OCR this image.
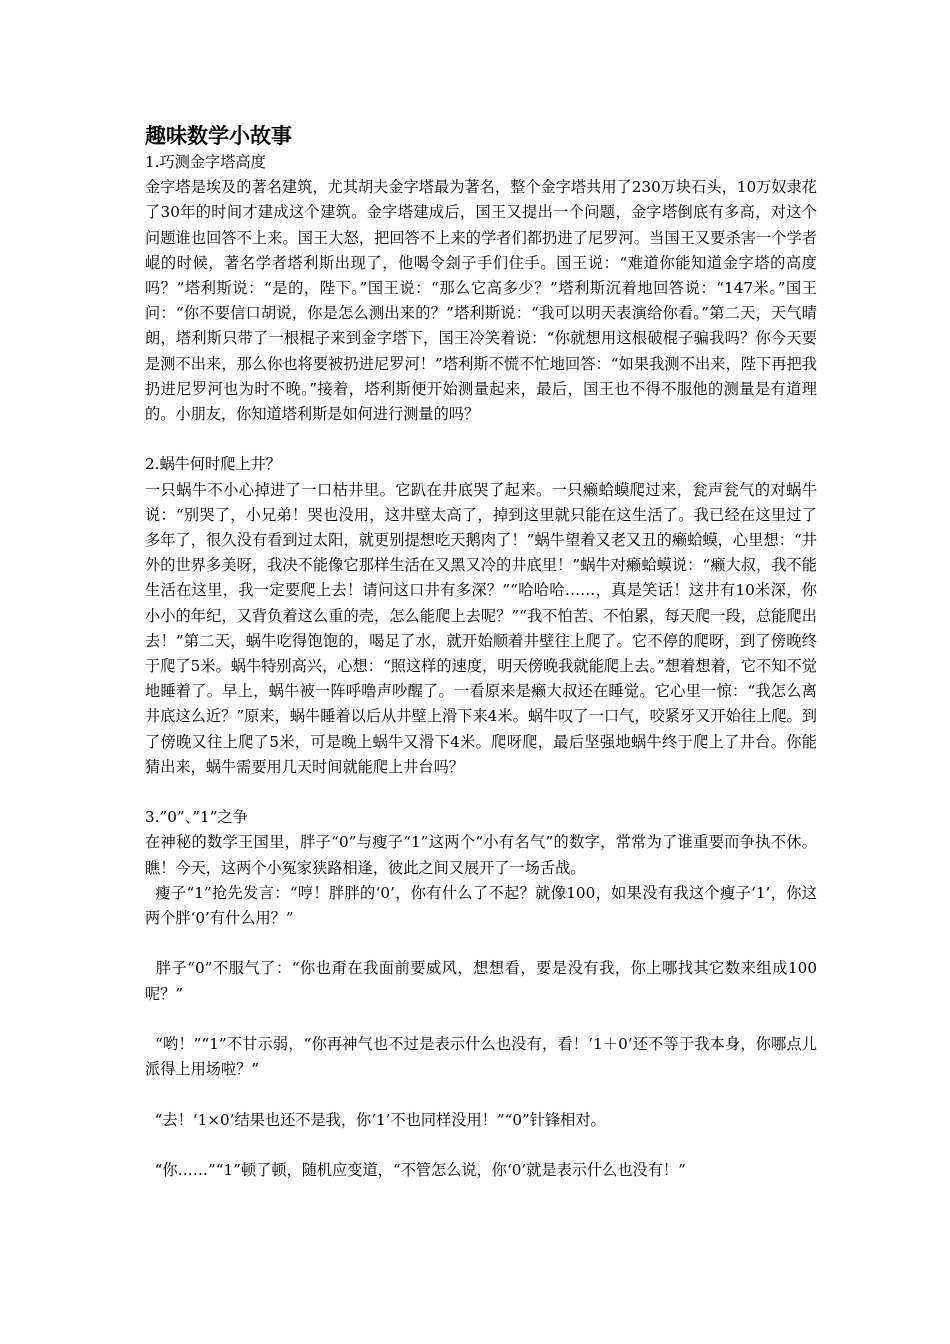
趣味数学小故事

1.巧测金字塔高度

金字塔是埃及的著名建筑，尤其胡夫金字塔最为著名，整个金字塔共用了230万块石头，10万奴隶花了30年的时间才建成这个建筑。金字塔建成后，国王又提出一个问题，金字塔倒底有多高，对这个问题谁也回答不上来。国王大怒，把回答不上来的学者们都扔进了尼罗河。当国王又要杀害一个学者崐的时候，著名学者塔利斯出现了，他喝令刽子手们住手。国王说：“难道你能知道金字塔的高度吗？”塔利斯说：“是的，陛下。”国王说：“那么它高多少？”塔利斯沉着地回答说：“147米。”国王问：“你不要信口胡说，你是怎么测出来的？”塔利斯说：“我可以明天表演给你看。”第二天，天气晴朗，塔利斯只带了一根棍子来到金字塔下，国王冷笑着说：“你就想用这根破棍子骗我吗？你今天要是测不出来，那么你也将要被扔进尼罗河！”塔利斯不慌不忙地回答：“如果我测不出来，陛下再把我扔进尼罗河也为时不晚。”接着，塔利斯便开始测量起来，最后，国王也不得不服他的测量是有道理的。小朋友，你知道塔利斯是如何进行测量的吗？

2.蜗牛何时爬上井？

一只蜗牛不小心掉进了一口枯井里。它趴在井底哭了起来。一只癞蛤蟆爬过来，瓮声瓮气的对蜗牛说：“别哭了，小兄弟！哭也没用，这井壁太高了，掉到这里就只能在这生活了。我已经在这里过了多年了，很久没有看到过太阳，就更别提想吃天鹅肉了！”蜗牛望着又老又丑的癞蛤蟆，心里想：“井外的世界多美呀，我决不能像它那样生活在又黑又冷的井底里！”蜗牛对癞蛤蟆说：“癞大叔，我不能生活在这里，我一定要爬上去！请问这口井有多深？”“哈哈哈……，真是笑话！这井有10米深，你小小的年纪，又背负着这么重的壳，怎么能爬上去呢？”“我不怕苦、不怕累，每天爬一段，总能爬出去！”第二天，蜗牛吃得饱饱的，喝足了水，就开始顺着井壁往上爬了。它不停的爬呀，到了傍晚终于爬了5米。蜗牛特别高兴，心想：“照这样的速度，明天傍晚我就能爬上去。”想着想着，它不知不觉地睡着了。早上，蜗牛被一阵呼噜声吵醒了。一看原来是癞大叔还在睡觉。它心里一惊：“我怎么离井底这么近？”原来，蜗牛睡着以后从井壁上滑下来4米。蜗牛叹了一口气，咬紧牙又开始往上爬。到了傍晚又往上爬了5米，可是晚上蜗牛又滑下4米。爬呀爬，最后坚强地蜗牛终于爬上了井台。你能猜出来，蜗牛需要用几天时间就能爬上井台吗？

3.”0”、”1”之争

在神秘的数学王国里，胖子“0”与瘦子“1”这两个“小有名气”的数字，常常为了谁重要而争执不休。瞧！今天，这两个小冤家狭路相逢，彼此之间又展开了一场舌战。

瘦子“1”抢先发言：“哼！胖胖的‘0’，你有什么了不起？就像100，如果没有我这个瘦子‘1’，你这两个胖‘0’有什么用？”

胖子“0”不服气了：“你也甭在我面前要威风，想想看，要是没有我，你上哪找其它数来组成100呢？”

“哟！”“1”不甘示弱，“你再神气也不过是表示什么也没有，看！‘1＋0’还不等于我本身，你哪点儿派得上用场啦？”

“去！‘1×0’结果也还不是我，你‘1’不也同样没用！”“0”针锋相对。

“你……”“1”顿了顿，随机应变道，“不管怎么说，你‘0’就是表示什么也没有！”
